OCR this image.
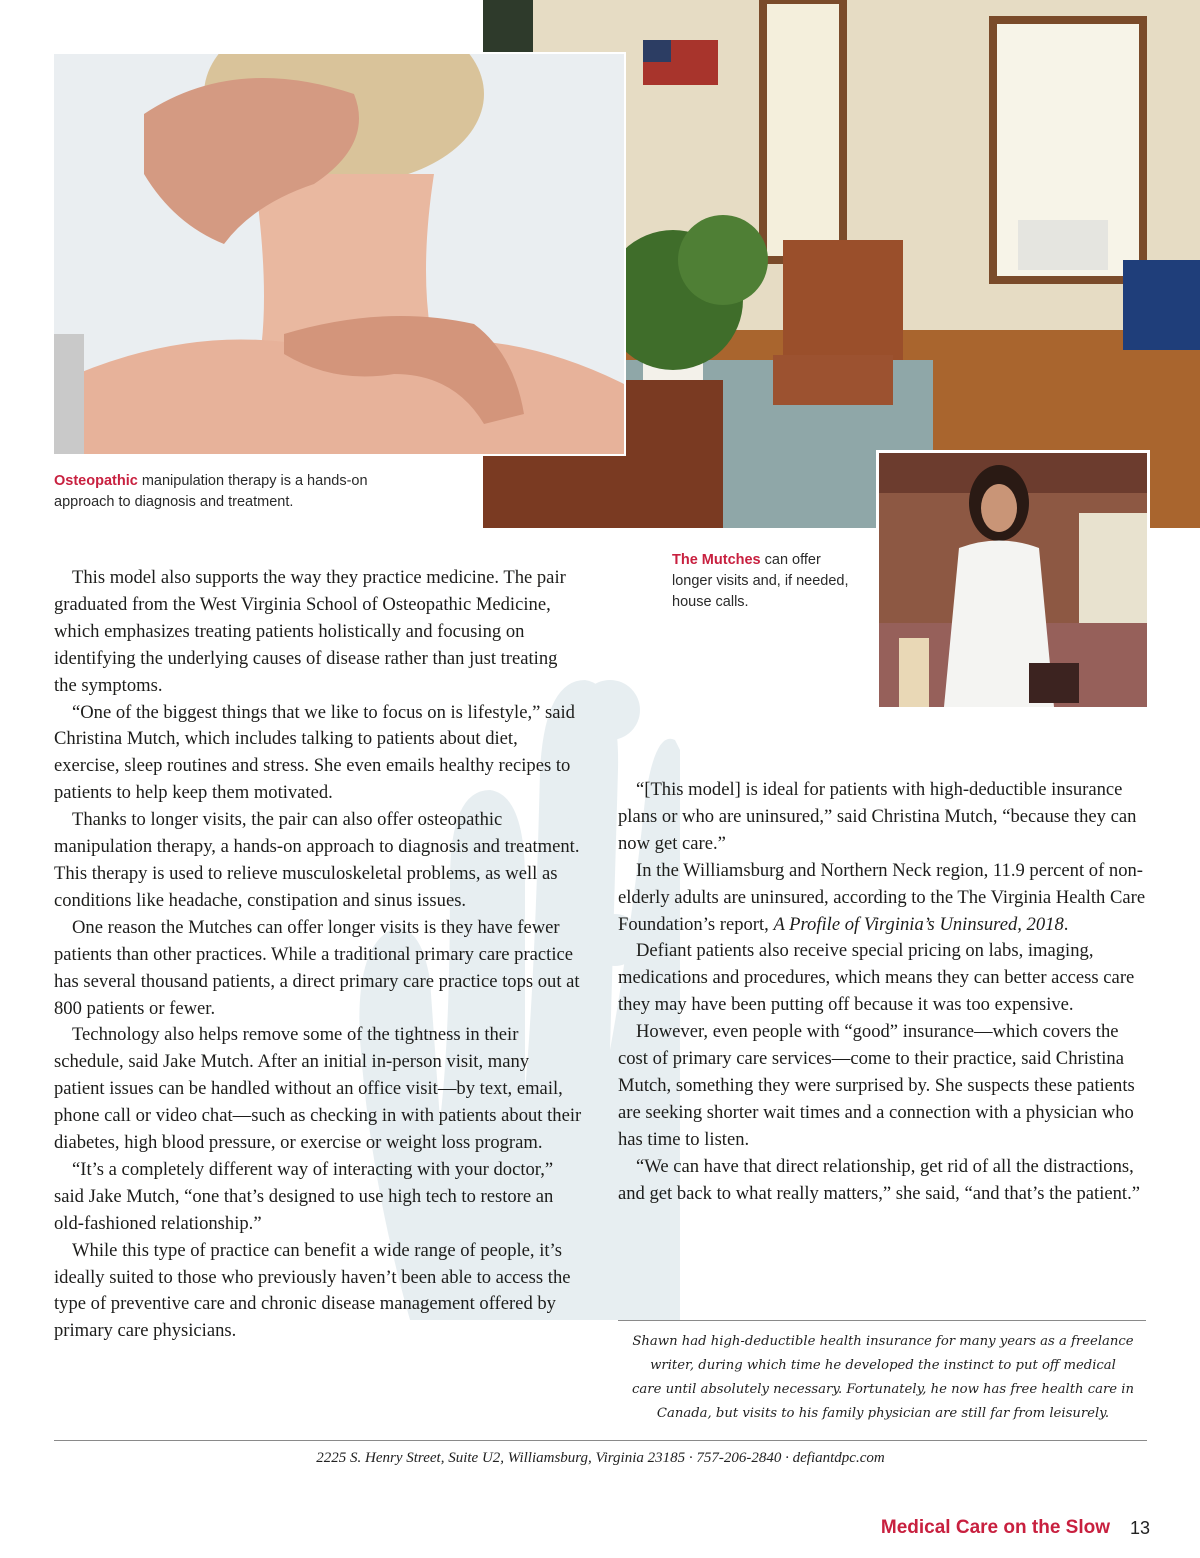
Osteopathic manipulation therapy is a hands-on
approach to diagnosis and treatment.
The Mutches can offer
longer visits and, if needed,
house calls.

This model also supports the way they practice medicine. The pair graduated from the West Virginia School of Osteopathic Medicine, which emphasizes treating patients holistically and focusing on identifying the underlying causes of disease rather than just treating the symptoms.

“One of the biggest things that we like to focus on is lifestyle,” said Christina Mutch, which includes talking to patients about diet, exercise, sleep routines and stress. She even emails healthy recipes to patients to help keep them motivated.

Thanks to longer visits, the pair can also offer osteopathic manipulation therapy, a hands-on approach to diagnosis and treatment. This therapy is used to relieve musculoskeletal problems, as well as conditions like headache, constipation and sinus issues.

One reason the Mutches can offer longer visits is they have fewer patients than other practices. While a traditional primary care practice has several thousand patients, a direct primary care practice tops out at 800 patients or fewer.

Technology also helps remove some of the tightness in their schedule, said Jake Mutch. After an initial in-person visit, many patient issues can be handled without an office visit—by text, email, phone call or video chat—such as checking in with patients about their diabetes, high blood pressure, or exercise or weight loss program.

“It’s a completely different way of interacting with your doctor,” said Jake Mutch, “one that’s designed to use high tech to restore an old-fashioned relationship.”

While this type of practice can benefit a wide range of people, it’s ideally suited to those who previously haven’t been able to access the type of preventive care and chronic disease management offered by primary care physicians.

“[This model] is ideal for patients with high-deductible insurance plans or who are uninsured,” said Christina Mutch, “because they can now get care.”

In the Williamsburg and Northern Neck region, 11.9 percent of non-elderly adults are uninsured, according to the The Virginia Health Care Foundation’s report, A Profile of Virginia’s Uninsured, 2018.

Defiant patients also receive special pricing on labs, imaging, medications and procedures, which means they can better access care they may have been putting off because it was too expensive.

However, even people with “good” insurance—which covers the cost of primary care services—come to their practice, said Christina Mutch, something they were surprised by. She suspects these patients are seeking shorter wait times and a connection with a physician who has time to listen.

“We can have that direct relationship, get rid of all the distractions, and get back to what really matters,” she said, “and that’s the patient.”

Shawn had high-deductible health insurance for many years as a freelance
writer, during which time he developed the instinct to put off medical
care until absolutely necessary. Fortunately, he now has free health care in
Canada, but visits to his family physician are still far from leisurely.
2225 S. Henry Street, Suite U2, Williamsburg, Virginia 23185 · 757-206-2840 · defiantdpc.com
Medical Care on the Slow 13
